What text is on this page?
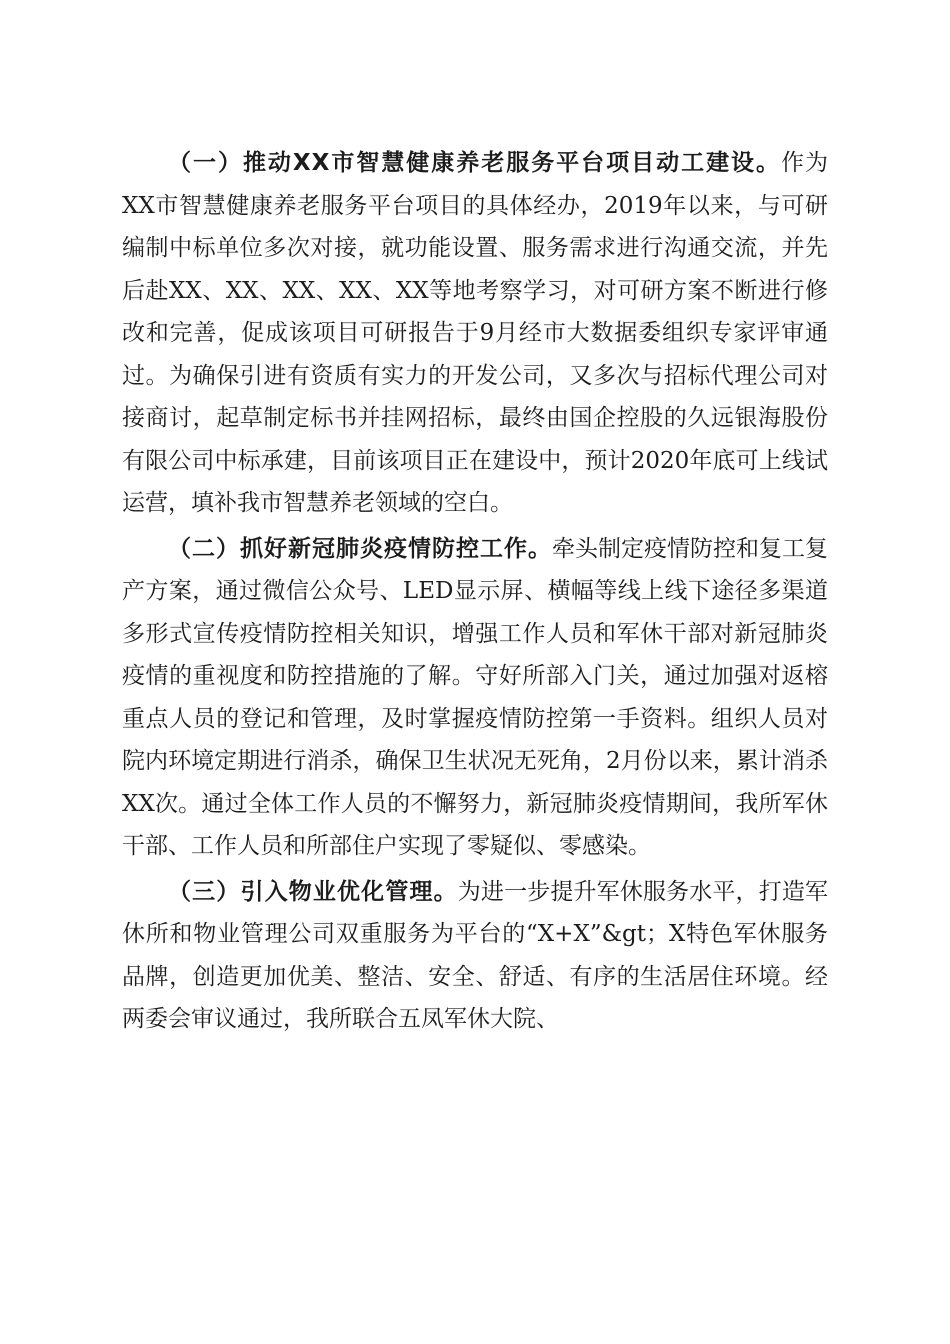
（一）推动XX市智慧健康养老服务平台项目动工建设。作为XX市智慧健康养老服务平台项目的具体经办，2019年以来，与可研编制中标单位多次对接，就功能设置、服务需求进行沟通交流，并先后赴XX、XX、XX、XX、XX等地考察学习，对可研方案不断进行修改和完善，促成该项目可研报告于9月经市大数据委组织专家评审通过。为确保引进有资质有实力的开发公司，又多次与招标代理公司对接商讨，起草制定标书并挂网招标，最终由国企控股的久远银海股份有限公司中标承建，目前该项目正在建设中，预计2020年底可上线试运营，填补我市智慧养老领域的空白。

（二）抓好新冠肺炎疫情防控工作。牵头制定疫情防控和复工复产方案，通过微信公众号、LED显示屏、横幅等线上线下途径多渠道多形式宣传疫情防控相关知识，增强工作人员和军休干部对新冠肺炎疫情的重视度和防控措施的了解。守好所部入门关，通过加强对返榕重点人员的登记和管理，及时掌握疫情防控第一手资料。组织人员对院内环境定期进行消杀，确保卫生状况无死角，2月份以来，累计消杀XX次。通过全体工作人员的不懈努力，新冠肺炎疫情期间，我所军休干部、工作人员和所部住户实现了零疑似、零感染。

（三）引入物业优化管理。为进一步提升军休服务水平，打造军休所和物业管理公司双重服务为平台的“X+X”&gt；X特色军休服务品牌，创造更加优美、整洁、安全、舒适、有序的生活居住环境。经两委会审议通过，我所联合五凤军休大院、
